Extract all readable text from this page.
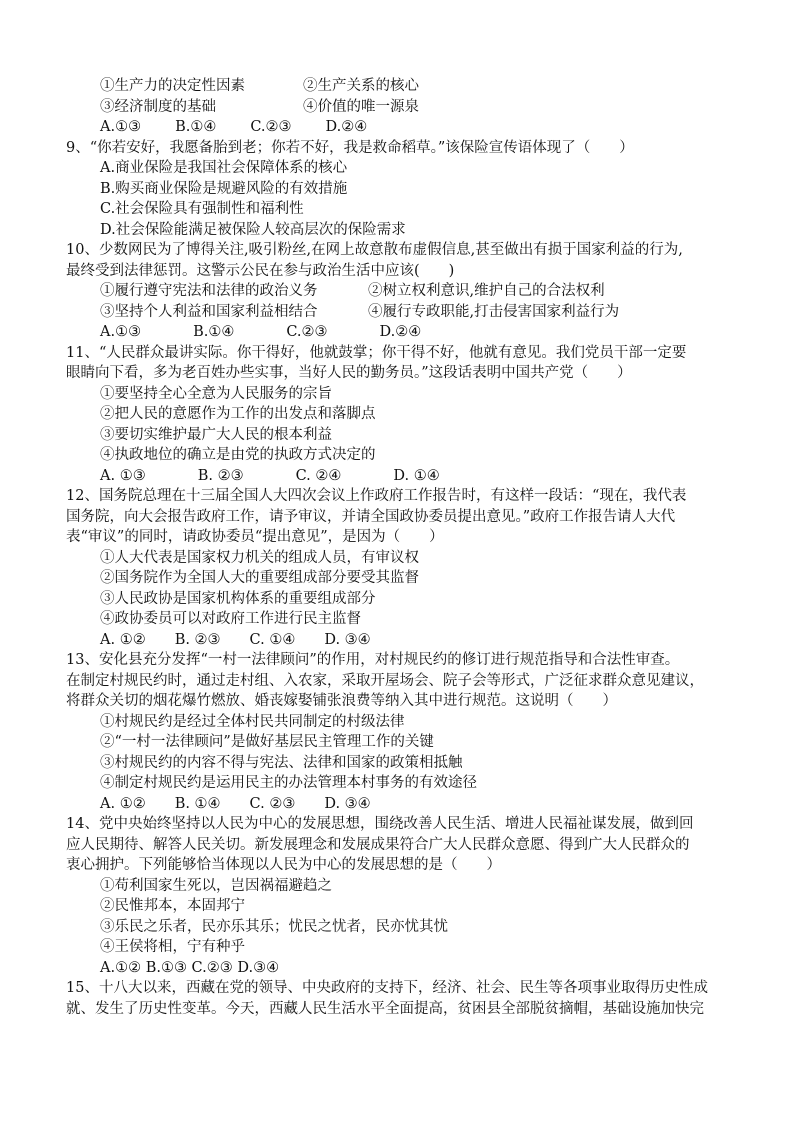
①生产力的决定性因素	②生产关系的核心
③经济制度的基础	④价值的唯一源泉
A.①③ B.①④ C.②③ D.②④
9、“你若安好，我愿备胎到老；你若不好，我是救命稻草。”该保险宣传语体现了（　　）
A.商业保险是我国社会保障体系的核心
B.购买商业保险是规避风险的有效措施
C.社会保险具有强制性和福利性
D.社会保险能满足被保险人较高层次的保险需求
10、少数网民为了博得关注,吸引粉丝,在网上故意散布虚假信息,甚至做出有损于国家利益的行为,
最终受到法律惩罚。这警示公民在参与政治生活中应该(　　)
①履行遵守宪法和法律的政治义务	②树立权利意识,维护自己的合法权利
③坚持个人利益和国家利益相结合	④履行专政职能,打击侵害国家利益行为
A.①③	B.①④	C.②③	D.②④
11、“人民群众最讲实际。你干得好，他就鼓掌；你干得不好，他就有意见。我们党员干部一定要
眼睛向下看，多为老百姓办些实事，当好人民的勤务员。”这段话表明中国共产党（　　）
①要坚持全心全意为人民服务的宗旨
②把人民的意愿作为工作的出发点和落脚点
③要切实维护最广大人民的根本利益
④执政地位的确立是由党的执政方式决定的
A. ①③	B. ②③	C. ②④	D. ①④
12、国务院总理在十三届全国人大四次会议上作政府工作报告时，有这样一段话：“现在，我代表
国务院，向大会报告政府工作，请予审议，并请全国政协委员提出意见。”政府工作报告请人大代
表“审议”的同时，请政协委员“提出意见”，是因为（　　）
①人大代表是国家权力机关的组成人员，有审议权
②国务院作为全国人大的重要组成部分要受其监督
③人民政协是国家机构体系的重要组成部分
④政协委员可以对政府工作进行民主监督
A. ①②　　B. ②③　　C. ①④　　D. ③④
13、安化县充分发挥“一村一法律顾问”的作用，对村规民约的修订进行规范指导和合法性审查。
在制定村规民约时，通过走村组、入农家，采取开屋场会、院子会等形式，广泛征求群众意见建议，
将群众关切的烟花爆竹燃放、婚丧嫁娶铺张浪费等纳入其中进行规范。这说明（　　）
①村规民约是经过全体村民共同制定的村级法律
②“一村一法律顾问”是做好基层民主管理工作的关键
③村规民约的内容不得与宪法、法律和国家的政策相抵触
④制定村规民约是运用民主的办法管理本村事务的有效途径
A. ①②　　B. ①④　　C. ②③　　D. ③④
14、党中央始终坚持以人民为中心的发展思想，围绕改善人民生活、增进人民福祉谋发展，做到回
应人民期待、解答人民关切。新发展理念和发展成果符合广大人民群众意愿、得到广大人民群众的
衷心拥护。下列能够恰当体现以人民为中心的发展思想的是（　　）
①苟利国家生死以，岂因祸福避趋之
②民惟邦本，本固邦宁
③乐民之乐者，民亦乐其乐；忧民之忧者，民亦忧其忧
④王侯将相，宁有种乎
A.①② B.①③ C.②③ D.③④
15、十八大以来，西藏在党的领导、中央政府的支持下，经济、社会、民生等各项事业取得历史性成
就、发生了历史性变革。今天，西藏人民生活水平全面提高，贫困县全部脱贫摘帽，基础设施加快完
